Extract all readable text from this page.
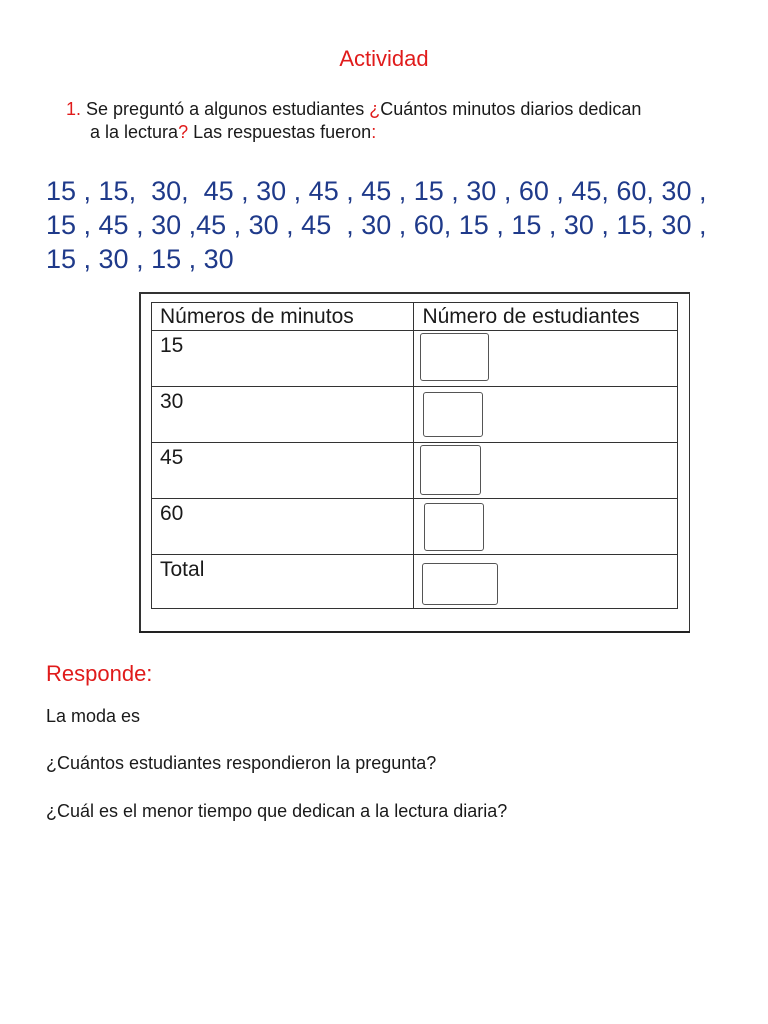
Actividad
1. Se preguntó a algunos estudiantes ¿Cuántos minutos diarios dedican
a la lectura? Las respuestas fueron:
15 , 15,  30,  45 , 30 , 45 , 45 , 15 , 30 , 60 , 45, 60, 30 ,
15 , 45 , 30 ,45 , 30 , 45  , 30 , 60, 15 , 15 , 30 , 15, 30 ,
15 , 30 , 15 , 30
Números de minutos	Número de estudiantes
15	

30	

45	

60	

Total	
Responde:
La moda es
¿Cuántos estudiantes respondieron la pregunta?
¿Cuál es el menor tiempo que dedican a la lectura diaria?
